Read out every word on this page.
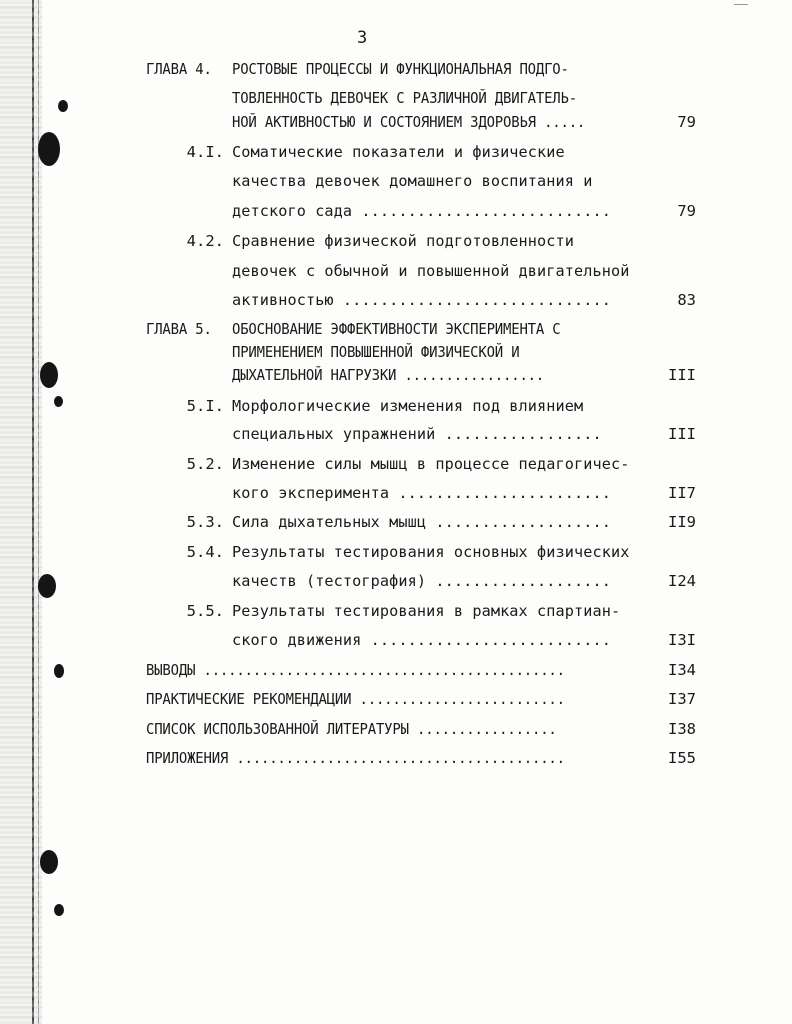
3
ГЛАВА 4. РОСТОВЫЕ ПРОЦЕССЫ И ФУНКЦИОНАЛЬНАЯ ПОДГО-
ТОВЛЕННОСТЬ ДЕВОЧЕК С РАЗЛИЧНОЙ ДВИГАТЕЛЬ-
НОЙ АКТИВНОСТЬЮ И СОСТОЯНИЕМ ЗДОРОВЬЯ .....	79
4.I. Соматические показатели и физические
качества девочек домашнего воспитания и
детского сада ...........................	79
4.2. Сравнение физической подготовленности
девочек с обычной и повышенной двигательной
активностью .............................	83
ГЛАВА 5. ОБОСНОВАНИЕ ЭФФЕКТИВНОСТИ ЭКСПЕРИМЕНТА С
ПРИМЕНЕНИЕМ ПОВЫШЕННОЙ ФИЗИЧЕСКОЙ И
ДЫХАТЕЛЬНОЙ НАГРУЗКИ .................	III
5.I. Морфологические изменения под влиянием
специальных упражнений .................	III
5.2. Изменение силы мышц в процессе педагогичес-
кого эксперимента .......................	II7
5.3. Сила дыхательных мышц ...................	II9
5.4. Результаты тестирования основных физических
качеств (тестография) ...................	I24
5.5. Результаты тестирования в рамках спартиан-
ского движения ..........................	I3I
ВЫВОДЫ ............................................	I34
ПРАКТИЧЕСКИЕ РЕКОМЕНДАЦИИ .........................	I37
СПИСОК ИСПОЛЬЗОВАННОЙ ЛИТЕРАТУРЫ .................	I38
ПРИЛОЖЕНИЯ ........................................	I55
